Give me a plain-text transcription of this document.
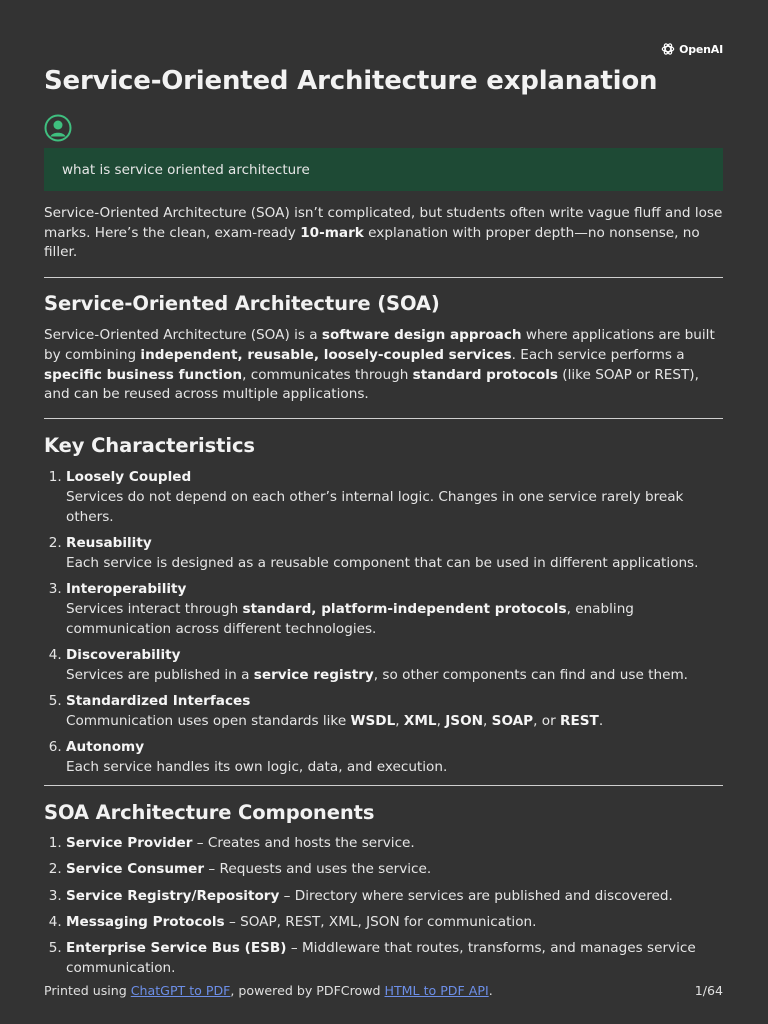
OpenAI
Service-Oriented Architecture explanation
what is service oriented architecture

Service-Oriented Architecture (SOA) isn’t complicated, but students often write vague fluff and lose marks. Here’s the clean, exam-ready 10-mark explanation with proper depth—no nonsense, no filler.

Service-Oriented Architecture (SOA)

Service-Oriented Architecture (SOA) is a software design approach where applications are built by combining independent, reusable, loosely-coupled services. Each service performs a specific business function, communicates through standard protocols (like SOAP or REST), and can be reused across multiple applications.

Key Characteristics
1. Loosely Coupled
Services do not depend on each other’s internal logic. Changes in one service rarely break others.
2. Reusability
Each service is designed as a reusable component that can be used in different applications.
3. Interoperability
Services interact through standard, platform-independent protocols, enabling communication across different technologies.
4. Discoverability
Services are published in a service registry, so other components can find and use them.
5. Standardized Interfaces
Communication uses open standards like WSDL, XML, JSON, SOAP, or REST.
6. Autonomy
Each service handles its own logic, data, and execution.
SOA Architecture Components
1. Service Provider – Creates and hosts the service.
2. Service Consumer – Requests and uses the service.
3. Service Registry/Repository – Directory where services are published and discovered.
4. Messaging Protocols – SOAP, REST, XML, JSON for communication.
5. Enterprise Service Bus (ESB) – Middleware that routes, transforms, and manages service communication.
Printed using ChatGPT to PDF, powered by PDFCrowd HTML to PDF API.	1/64
